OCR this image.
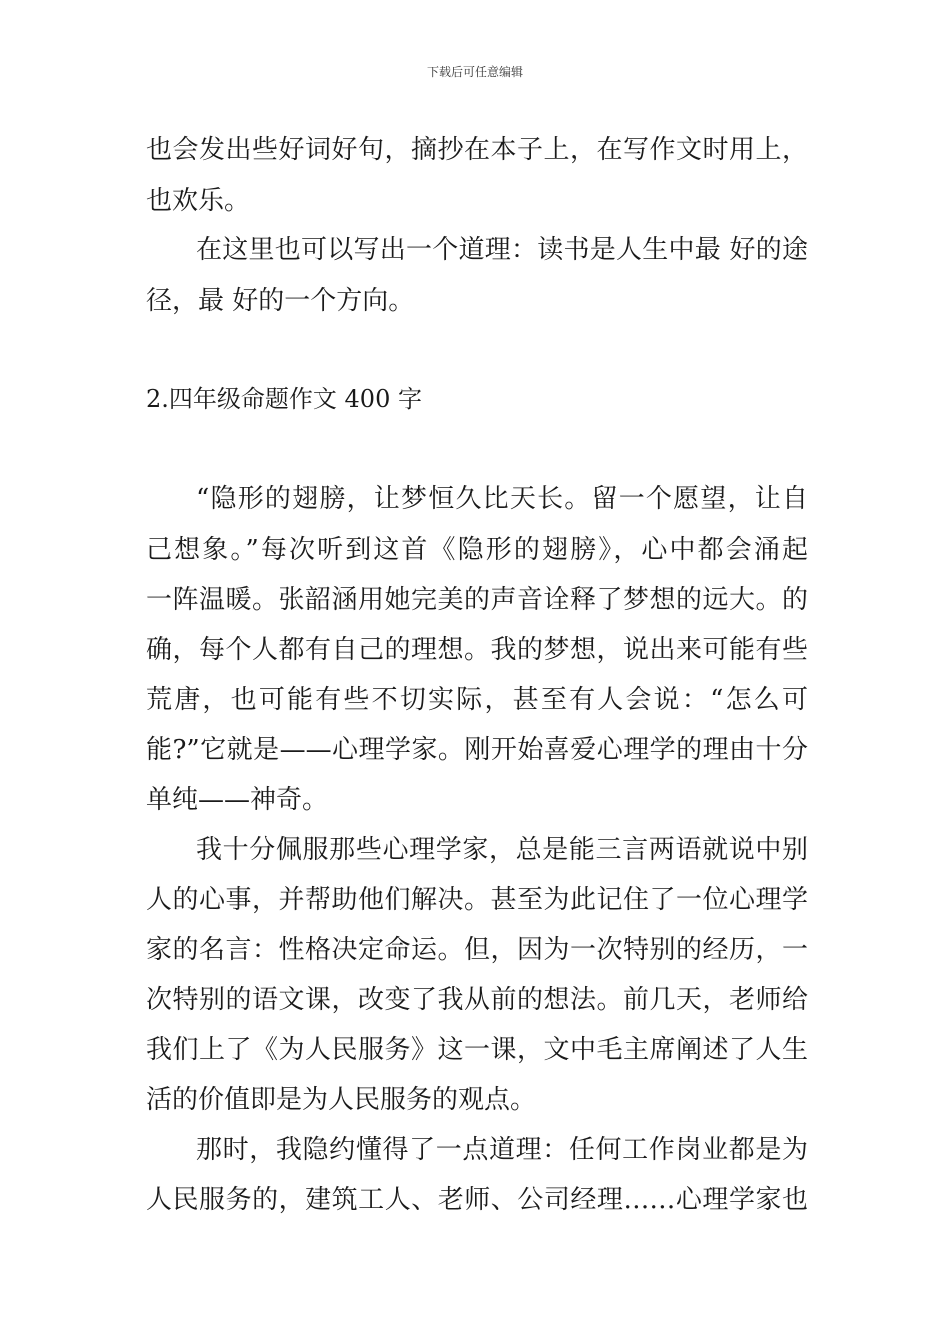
下载后可任意编辑
也会发出些好词好句，摘抄在本子上，在写作文时用上，
也欢乐。
在这里也可以写出一个道理：读书是人生中最 好的途
径，最 好的一个方向。
2.四年级命题作文 400 字
“隐形的翅膀，让梦恒久比天长。留一个愿望，让自
己想象。”每次听到这首《隐形的翅膀》，心中都会涌起
一阵温暖。张韶涵用她完美的声音诠释了梦想的远大。的
确，每个人都有自己的理想。我的梦想，说出来可能有些
荒唐，也可能有些不切实际，甚至有人会说：“怎么可
能?”它就是——心理学家。刚开始喜爱心理学的理由十分
单纯——神奇。
我十分佩服那些心理学家，总是能三言两语就说中别
人的心事，并帮助他们解决。甚至为此记住了一位心理学
家的名言：性格决定命运。但，因为一次特别的经历，一
次特别的语文课，改变了我从前的想法。前几天，老师给
我们上了《为人民服务》这一课，文中毛主席阐述了人生
活的价值即是为人民服务的观点。
那时，我隐约懂得了一点道理：任何工作岗业都是为
人民服务的，建筑工人、老师、公司经理……心理学家也
